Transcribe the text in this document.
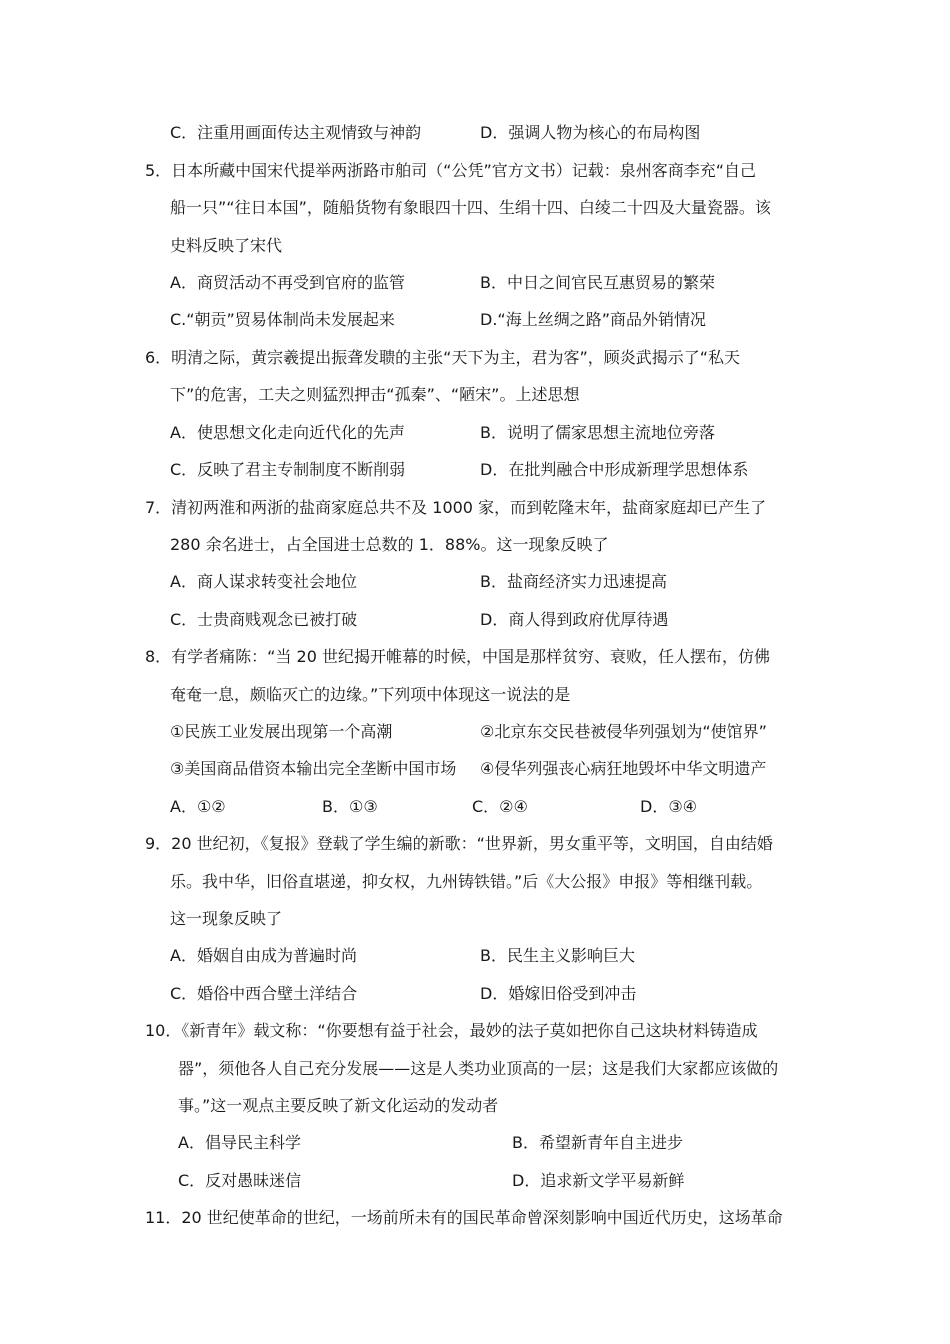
C．注重用画面传达主观情致与神韵	D．强调人物为核心的布局构图
5．日本所藏中国宋代提举两浙路市舶司（“公凭”官方文书）记载：泉州客商李充“自己
船一只”“往日本国”，随船货物有象眼四十四、生绢十四、白绫二十四及大量瓷器。该
史料反映了宋代
A．商贸活动不再受到官府的监管	B．中日之间官民互惠贸易的繁荣
C.“朝贡”贸易体制尚未发展起来	D.“海上丝绸之路”商品外销情况
6．明清之际，黄宗羲提出振聋发聩的主张“天下为主，君为客”，顾炎武揭示了“私天
下”的危害，工夫之则猛烈押击“孤秦”、“陋宋”。上述思想
A．使思想文化走向近代化的先声	B．说明了儒家思想主流地位旁落
C．反映了君主专制制度不断削弱	D．在批判融合中形成新理学思想体系
7．清初两淮和两浙的盐商家庭总共不及 1000 家，而到乾隆末年，盐商家庭却已产生了
280 余名进士，占全国进士总数的 1．88%。这一现象反映了
A．商人谋求转变社会地位	B．盐商经济实力迅速提高
C．士贵商贱观念已被打破	D．商人得到政府优厚待遇
8．有学者痛陈：“当 20 世纪揭开帷幕的时候，中国是那样贫穷、衰败，任人摆布，仿佛
奄奄一息，颇临灭亡的边缘。”下列项中体现这一说法的是
①民族工业发展出现第一个高潮	②北京东交民巷被侵华列强划为“使馆界”
③美国商品借资本输出完全垄断中国市场 ④侵华列强丧心病狂地毁坏中华文明遗产
A．①②	B．①③	C．②④	D．③④
9．20 世纪初，《复报》登载了学生编的新歌：“世界新，男女重平等，文明国，自由结婚
乐。我中华，旧俗直堪递，抑女权，九州铸铁错。”后《大公报》申报》等相继刊载。
这一现象反映了
A．婚姻自由成为普遍时尚	B．民生主义影响巨大
C．婚俗中西合壁土洋结合	D．婚嫁旧俗受到冲击
10．《新青年》载文称：“你要想有益于社会，最妙的法子莫如把你自己这块材料铸造成
器”，须他各人自己充分发展——这是人类功业顶高的一层；这是我们大家都应该做的
事。”这一观点主要反映了新文化运动的发动者
A．倡导民主科学	B．希望新青年自主进步
C．反对愚昧迷信	D．追求新文学平易新鲜
11．20 世纪使革命的世纪，一场前所未有的国民革命曾深刻影响中国近代历史，这场革命
